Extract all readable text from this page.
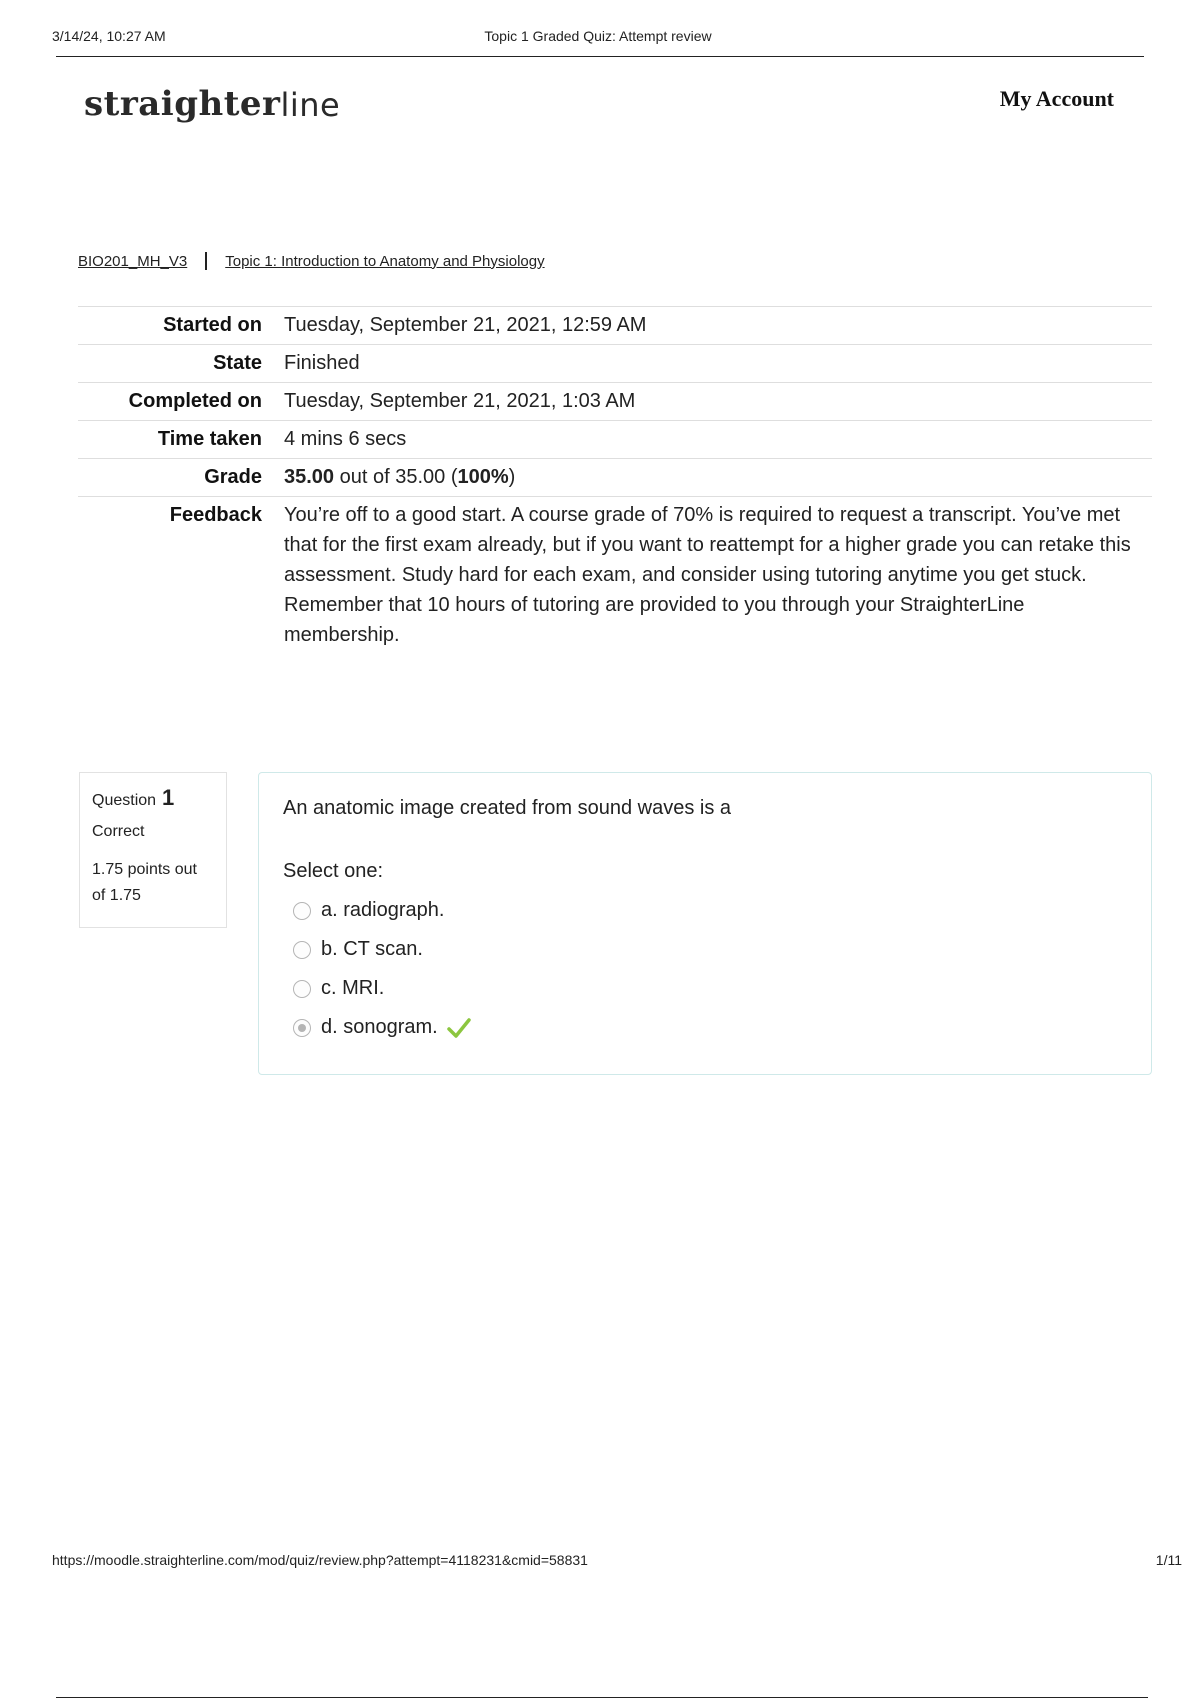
3/14/24, 10:27 AM	Topic 1 Graded Quiz: Attempt review
straighter line	My Account
BIO201_MH_V3	Topic 1: Introduction to Anatomy and Physiology
Started on	Tuesday, September 21, 2021, 12:59 AM
State	Finished
Completed on	Tuesday, September 21, 2021, 1:03 AM
Time taken	4 mins 6 secs
Grade	35.00 out of 35.00 (100%)
Feedback	You’re off to a good start. A course grade of 70% is required to request a transcript. You’ve met that for the first exam already, but if you want to reattempt for a higher grade you can retake this assessment. Study hard for each exam, and consider using tutoring anytime you get stuck. Remember that 10 hours of tutoring are provided to you through your StraighterLine membership.
Question 1
Correct
1.75 points out of 1.75
An anatomic image created from sound waves is a
Select one:
a. radiograph.
b. CT scan.
c. MRI.
d. sonogram.
https://moodle.straighterline.com/mod/quiz/review.php?attempt=4118231&cmid=58831	1/11
